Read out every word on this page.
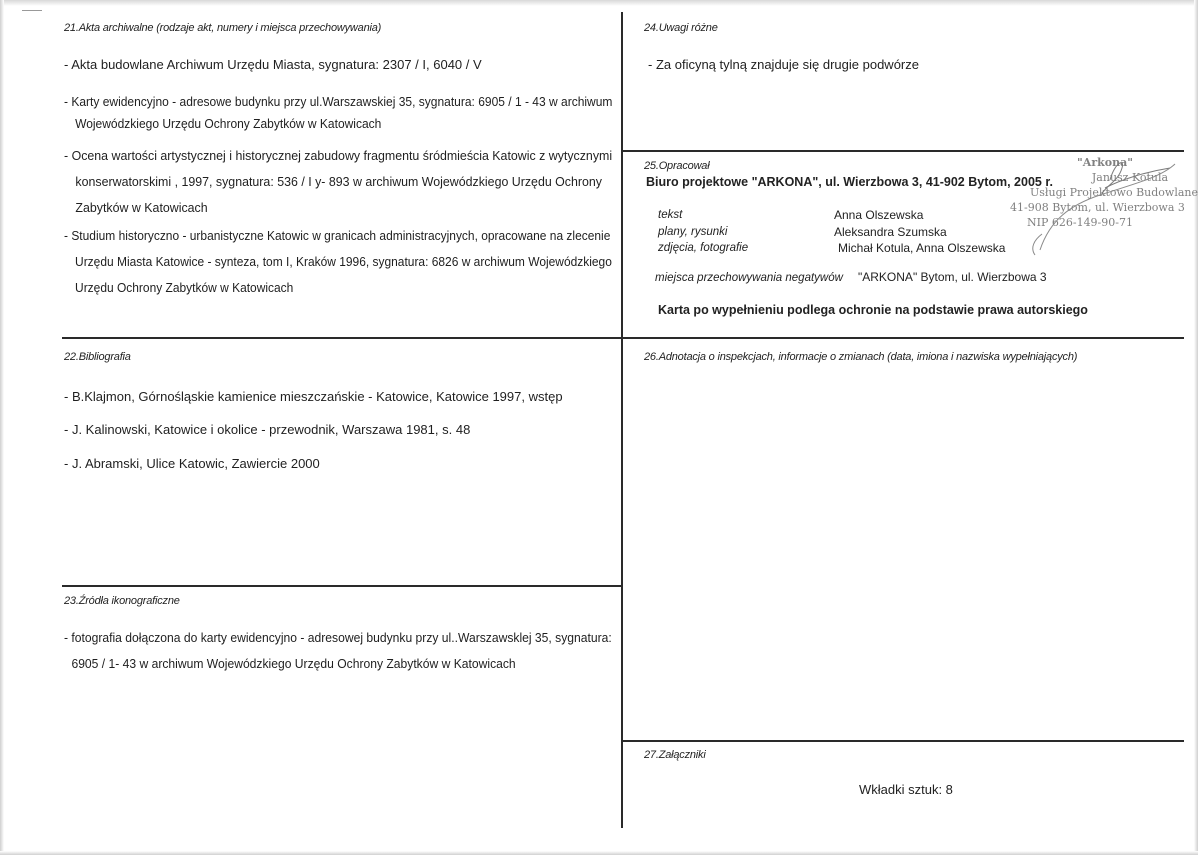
21.Akta archiwalne (rodzaje akt, numery i miejsca przechowywania)
- Akta budowlane Archiwum Urzędu Miasta, sygnatura: 2307 / I, 6040 / V
- Karty ewidencyjno - adresowe budynku przy ul.Warszawskiej 35, sygnatura: 6905 / 1 - 43 w archiwum
Wojewódzkiego Urzędu Ochrony Zabytków w Katowicach
- Ocena wartości artystycznej i historycznej zabudowy fragmentu śródmieścia Katowic z wytycznymi
konserwatorskimi , 1997, sygnatura: 536 / I y- 893 w archiwum Wojewódzkiego Urzędu Ochrony
Zabytków w Katowicach
- Studium historyczno - urbanistyczne Katowic w granicach administracyjnych, opracowane na zlecenie
Urzędu Miasta Katowice - synteza, tom I, Kraków 1996, sygnatura: 6826 w archiwum Wojewódzkiego
Urzędu Ochrony Zabytków w Katowicach
22.Bibliografia
- B.Klajmon, Górnośląskie kamienice mieszczańskie - Katowice, Katowice 1997, wstęp
- J. Kalinowski, Katowice i okolice - przewodnik, Warszawa 1981, s. 48
- J. Abramski, Ulice Katowic, Zawiercie 2000
23.Źródła ikonograficzne
- fotografia dołączona do karty ewidencyjno - adresowej budynku przy ul..Warszawsklej 35, sygnatura:
6905 / 1- 43 w archiwum Wojewódzkiego Urzędu Ochrony Zabytków w Katowicach
24.Uwagi różne
- Za oficyną tylną znajduje się drugie podwórze
25.Opracował
Biuro projektowe "ARKONA", ul. Wierzbowa 3, 41-902 Bytom, 2005 r.
tekst	Anna Olszewska
plany, rysunki	Aleksandra Szumska
zdjęcia, fotografie	Michał Kotula, Anna Olszewska
miejsca przechowywania negatywów "ARKONA" Bytom, ul. Wierzbowa 3
Karta po wypełnieniu podlega ochronie na podstawie prawa autorskiego
"Arkona"
Janusz Kotula
Usługi Projektowo Budowlane
41-908 Bytom, ul. Wierzbowa 3
NIP 626-149-90-71
26.Adnotacja o inspekcjach, informacje o zmianach (data, imiona i nazwiska wypełniających)
27.Załączniki
Wkładki sztuk: 8
